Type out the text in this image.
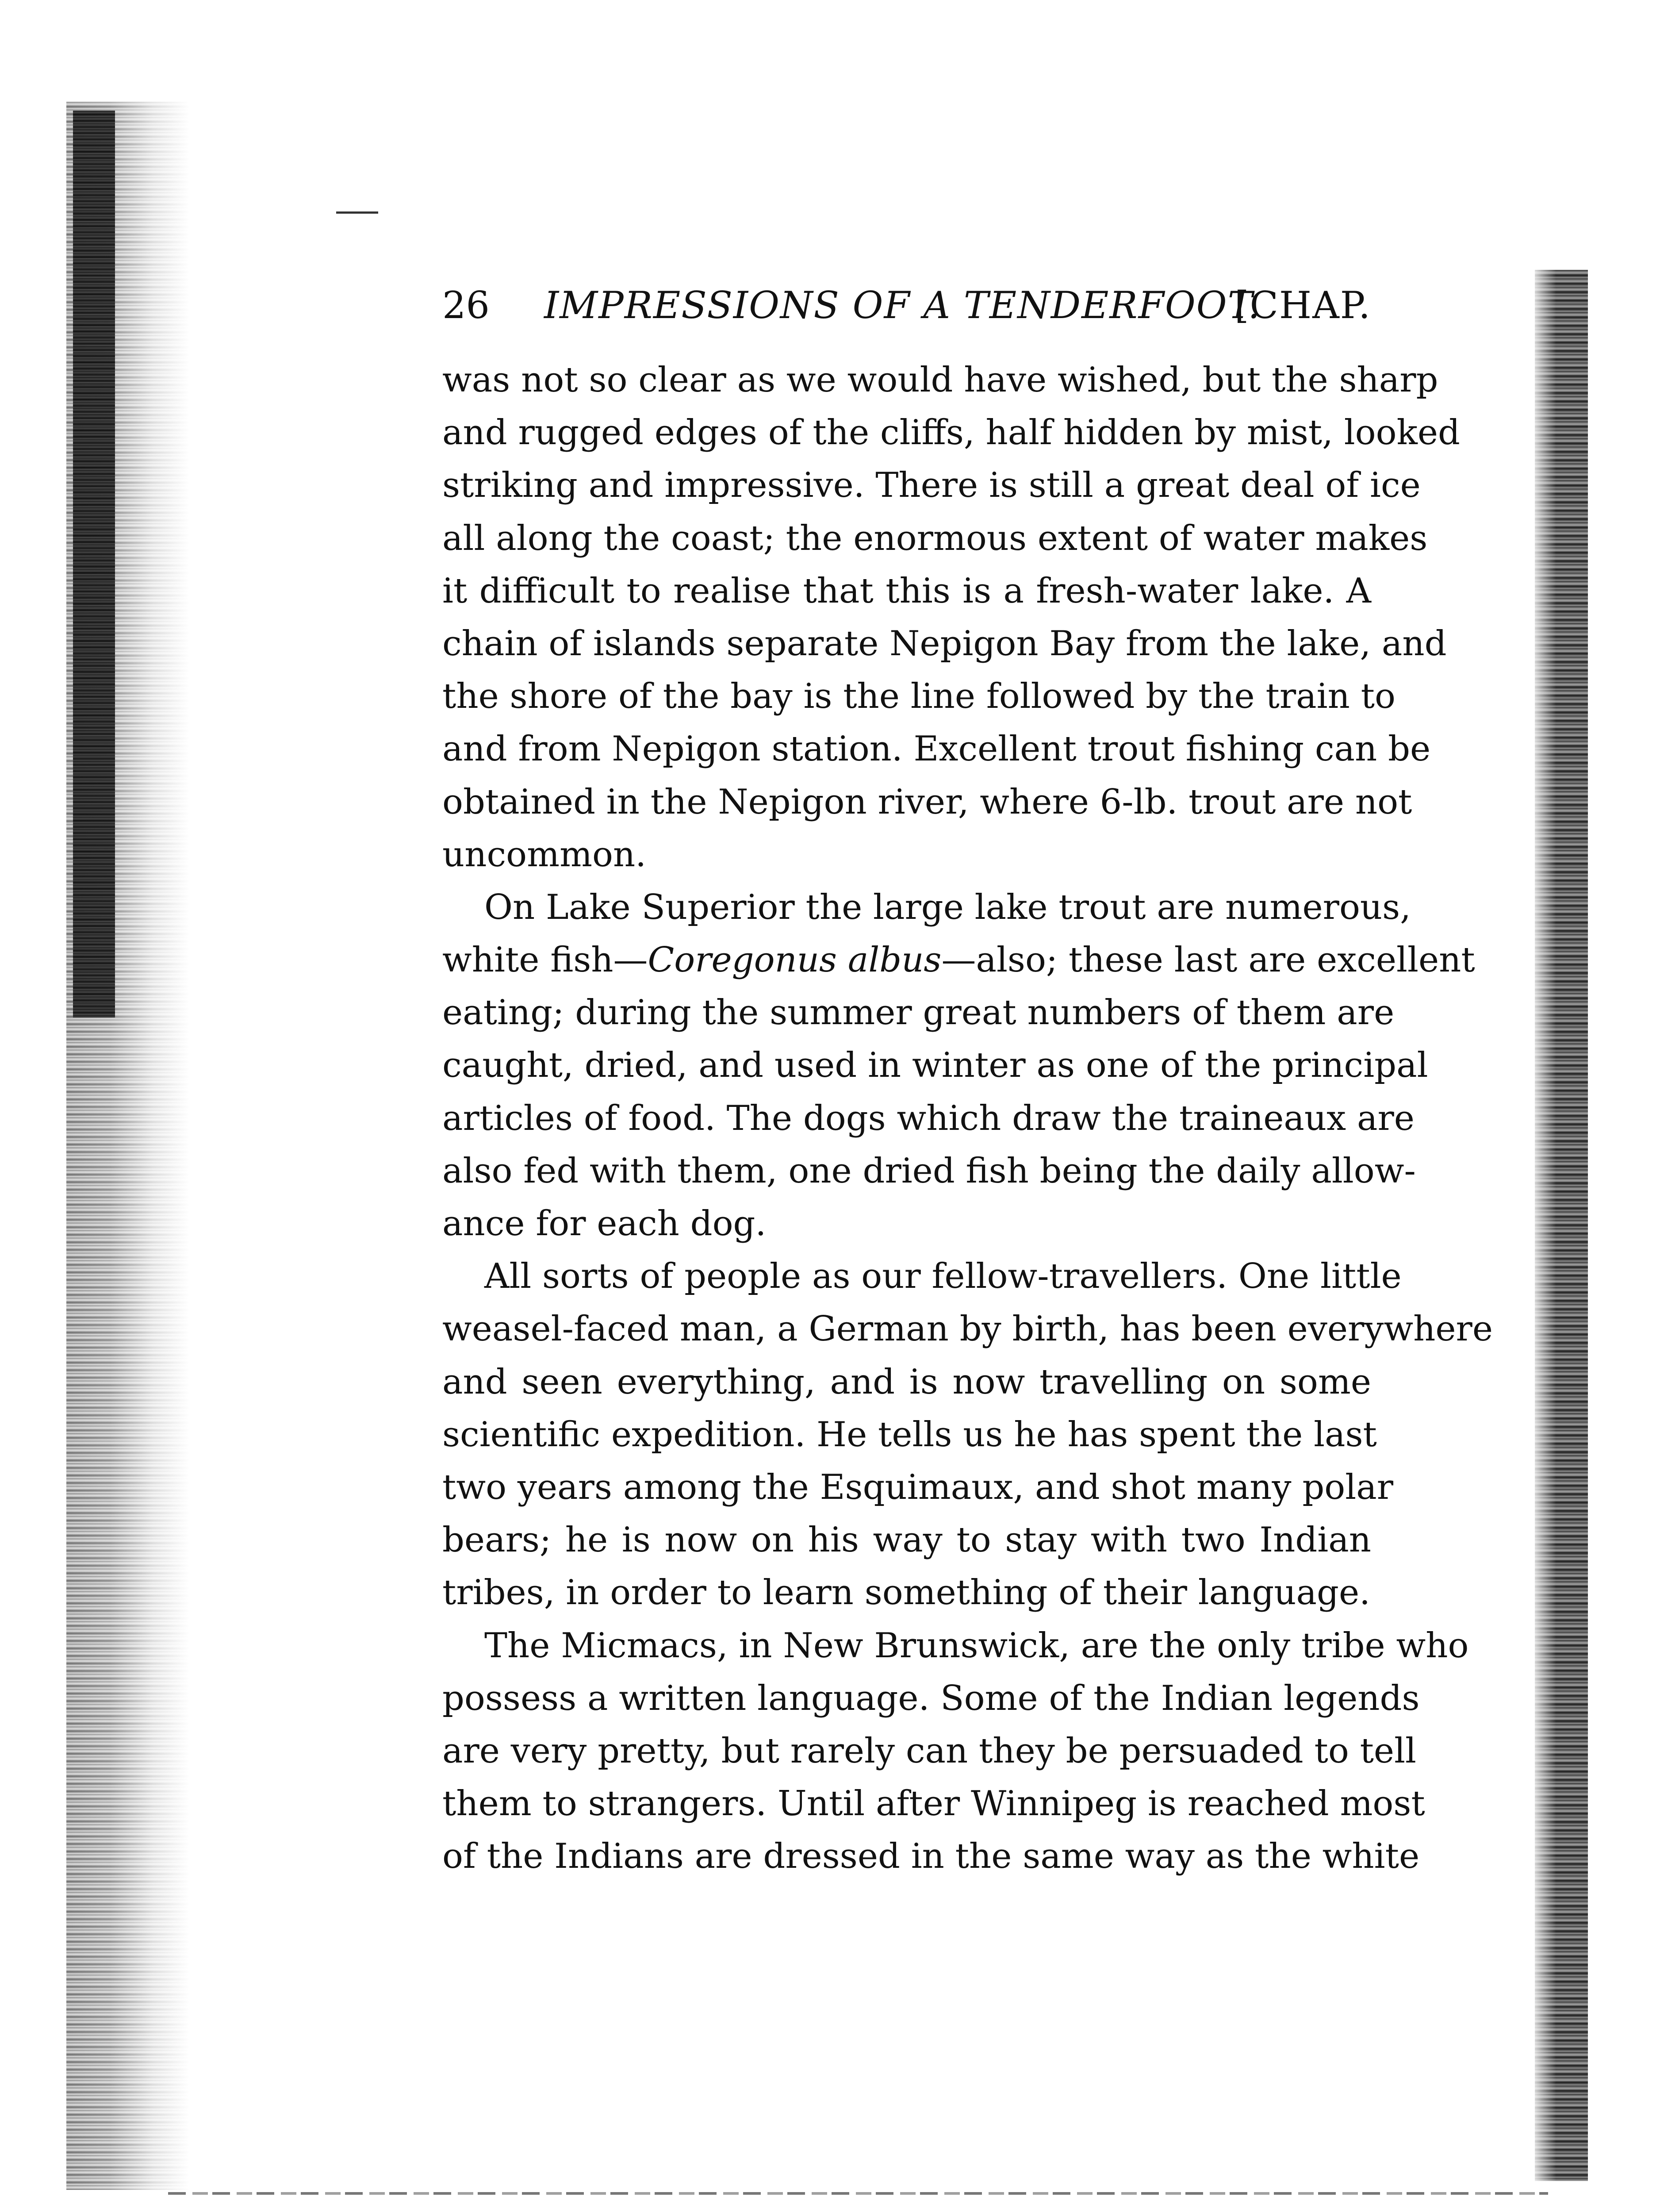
26 IMPRESSIONS OF A TENDERFOOT.
[CHAP.
was not so clear as we would have wished, but the sharp
and rugged edges of the cliffs, half hidden by mist, looked
striking and impressive. There is still a great deal of ice
all along the coast; the enormous extent of water makes
it difficult to realise that this is a fresh-water lake. A
chain of islands separate Nepigon Bay from the lake, and
the shore of the bay is the line followed by the train to
and from Nepigon station. Excellent trout fishing can be
obtained in the Nepigon river, where 6-lb. trout are not
uncommon.
On Lake Superior the large lake trout are numerous,
white fish—Coregonus albus—also; these last are excellent
eating; during the summer great numbers of them are
caught, dried, and used in winter as one of the principal
articles of food. The dogs which draw the traineaux are
also fed with them, one dried fish being the daily allow-
ance for each dog.
All sorts of people as our fellow-travellers. One little
weasel-faced man, a German by birth, has been everywhere
and seen everything, and is now travelling on some
scientific expedition. He tells us he has spent the last
two years among the Esquimaux, and shot many polar
bears; he is now on his way to stay with two Indian
tribes, in order to learn something of their language.
The Micmacs, in New Brunswick, are the only tribe who
possess a written language. Some of the Indian legends
are very pretty, but rarely can they be persuaded to tell
them to strangers. Until after Winnipeg is reached most
of the Indians are dressed in the same way as the white
